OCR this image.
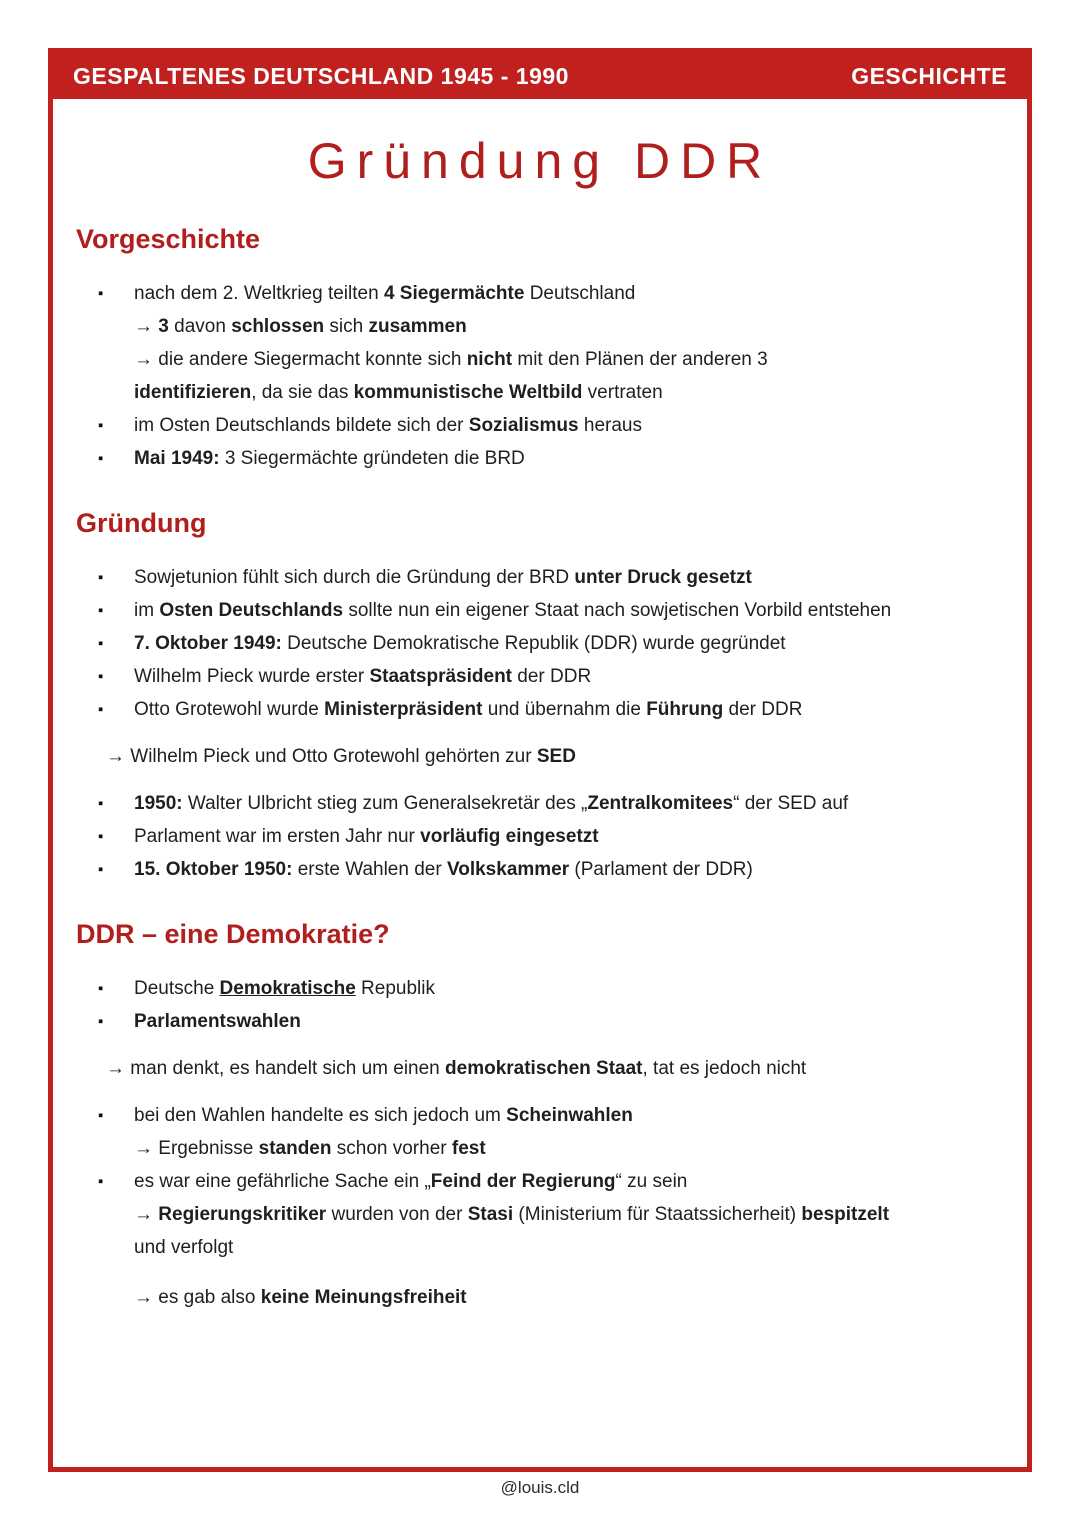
GESPALTENES DEUTSCHLAND 1945 - 1990	GESCHICHTE
Gründung DDR
Vorgeschichte
▪ nach dem 2. Weltkrieg teilten 4 Siegermächte Deutschland
→ 3 davon schlossen sich zusammen
→ die andere Siegermacht konnte sich nicht mit den Plänen der anderen 3
identifizieren, da sie das kommunistische Weltbild vertraten
▪ im Osten Deutschlands bildete sich der Sozialismus heraus
▪ Mai 1949: 3 Siegermächte gründeten die BRD
Gründung
▪ Sowjetunion fühlt sich durch die Gründung der BRD unter Druck gesetzt
▪ im Osten Deutschlands sollte nun ein eigener Staat nach sowjetischen Vorbild entstehen
▪ 7. Oktober 1949: Deutsche Demokratische Republik (DDR) wurde gegründet
▪ Wilhelm Pieck wurde erster Staatspräsident der DDR
▪ Otto Grotewohl wurde Ministerpräsident und übernahm die Führung der DDR
→ Wilhelm Pieck und Otto Grotewohl gehörten zur SED
▪ 1950: Walter Ulbricht stieg zum Generalsekretär des „Zentralkomitees“ der SED auf
▪ Parlament war im ersten Jahr nur vorläufig eingesetzt
▪ 15. Oktober 1950: erste Wahlen der Volkskammer (Parlament der DDR)
DDR – eine Demokratie?
▪ Deutsche Demokratische Republik
▪ Parlamentswahlen
→ man denkt, es handelt sich um einen demokratischen Staat, tat es jedoch nicht
▪ bei den Wahlen handelte es sich jedoch um Scheinwahlen
→ Ergebnisse standen schon vorher fest
▪ es war eine gefährliche Sache ein „Feind der Regierung“ zu sein
→ Regierungskritiker wurden von der Stasi (Ministerium für Staatssicherheit) bespitzelt
und verfolgt
→ es gab also keine Meinungsfreiheit
@louis.cld
